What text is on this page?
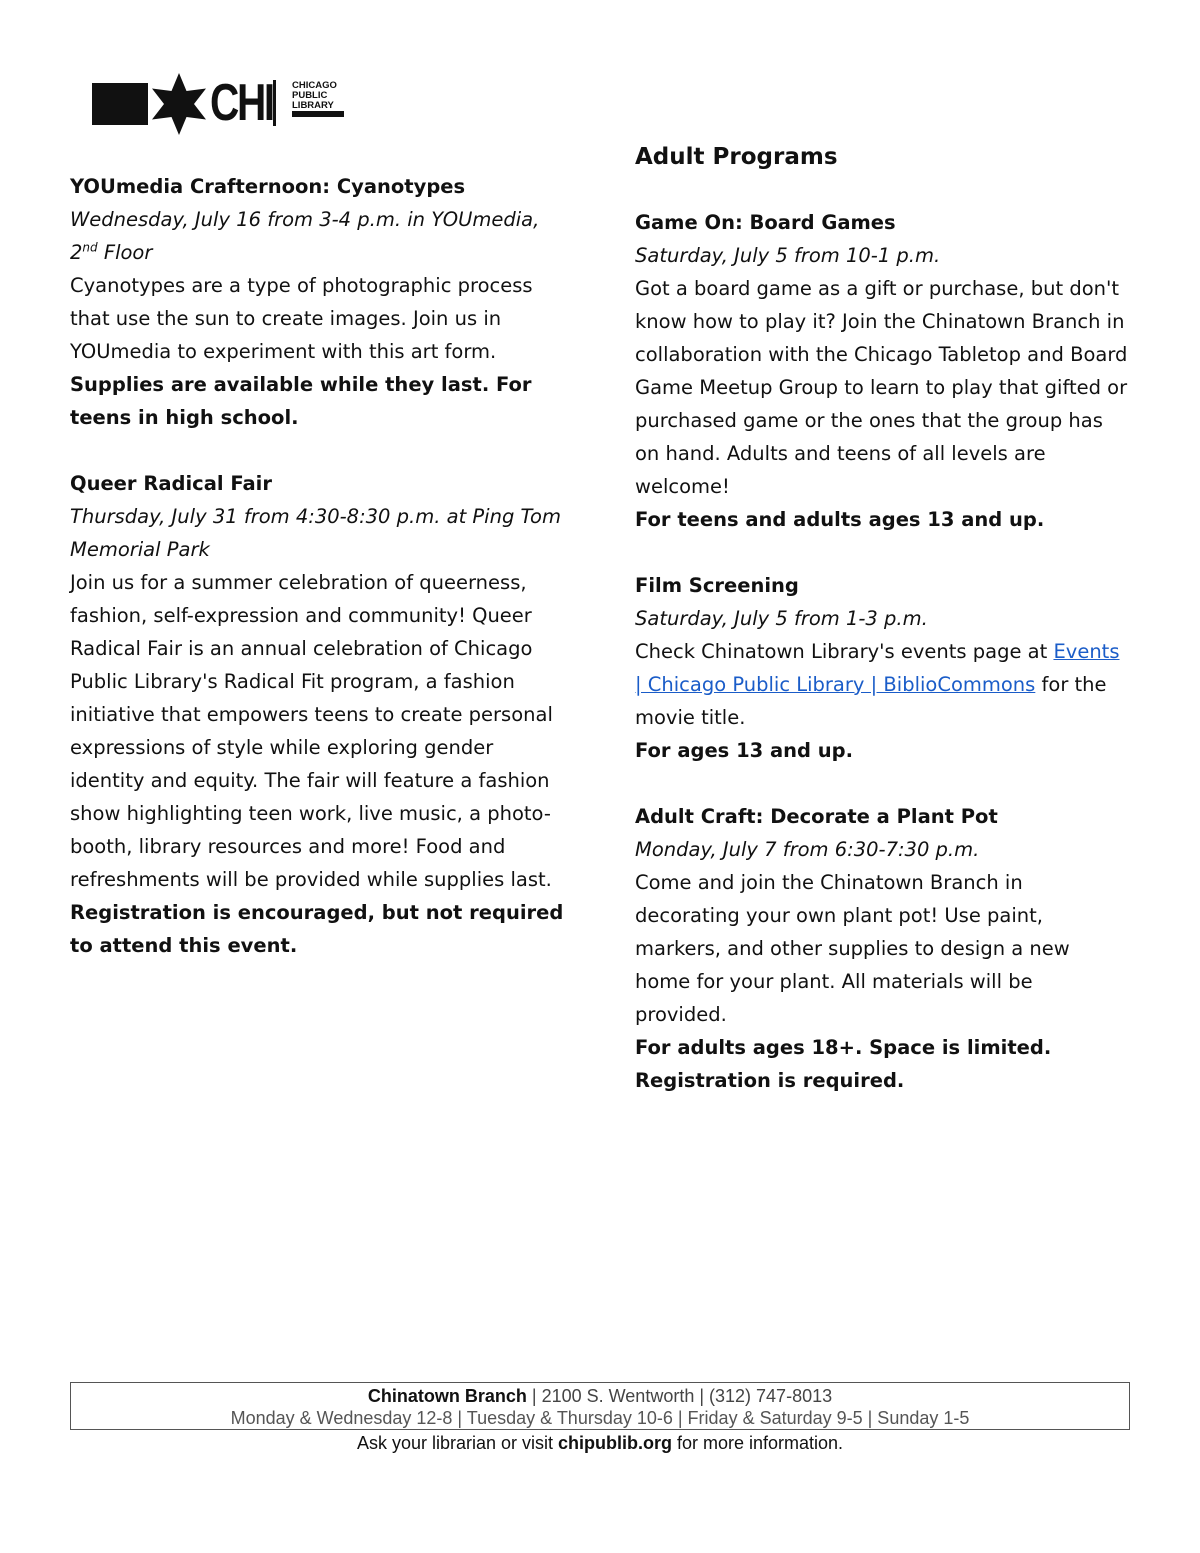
CHI CHICAGO
PUBLIC
LIBRARY

YOUmedia Crafternoon: Cyanotypes

Wednesday, July 16 from 3-4 p.m. in YOUmedia, 2nd Floor

Cyanotypes are a type of photographic process that use the sun to create images. Join us in YOUmedia to experiment with this art form.

Supplies are available while they last. For teens in high school.

Queer Radical Fair

Thursday, July 31 from 4:30-8:30 p.m. at Ping Tom Memorial Park

Join us for a summer celebration of queerness, fashion, self-expression and community! Queer Radical Fair is an annual celebration of Chicago Public Library's Radical Fit program, a fashion initiative that empowers teens to create personal expressions of style while exploring gender identity and equity. The fair will feature a fashion show highlighting teen work, live music, a photo-booth, library resources and more! Food and refreshments will be provided while supplies last.

Registration is encouraged, but not required to attend this event.

Adult Programs

Game On: Board Games

Saturday, July 5 from 10-1 p.m.

Got a board game as a gift or purchase, but don't know how to play it? Join the Chinatown Branch in collaboration with the Chicago Tabletop and Board Game Meetup Group to learn to play that gifted or purchased game or the ones that the group has on hand. Adults and teens of all levels are welcome!

For teens and adults ages 13 and up.

Film Screening

Saturday, July 5 from 1-3 p.m.

Check Chinatown Library's events page at Events | Chicago Public Library | BiblioCommons for the movie title.

For ages 13 and up.

Adult Craft: Decorate a Plant Pot

Monday, July 7 from 6:30-7:30 p.m.

Come and join the Chinatown Branch in decorating your own plant pot! Use paint, markers, and other supplies to design a new home for your plant. All materials will be provided.

For adults ages 18+. Space is limited. Registration is required.

Chinatown Branch | 2100 S. Wentworth | (312) 747-8013
Monday & Wednesday 12-8 | Tuesday & Thursday 10-6 | Friday & Saturday 9-5 | Sunday 1-5
Ask your librarian or visit chipublib.org for more information.
